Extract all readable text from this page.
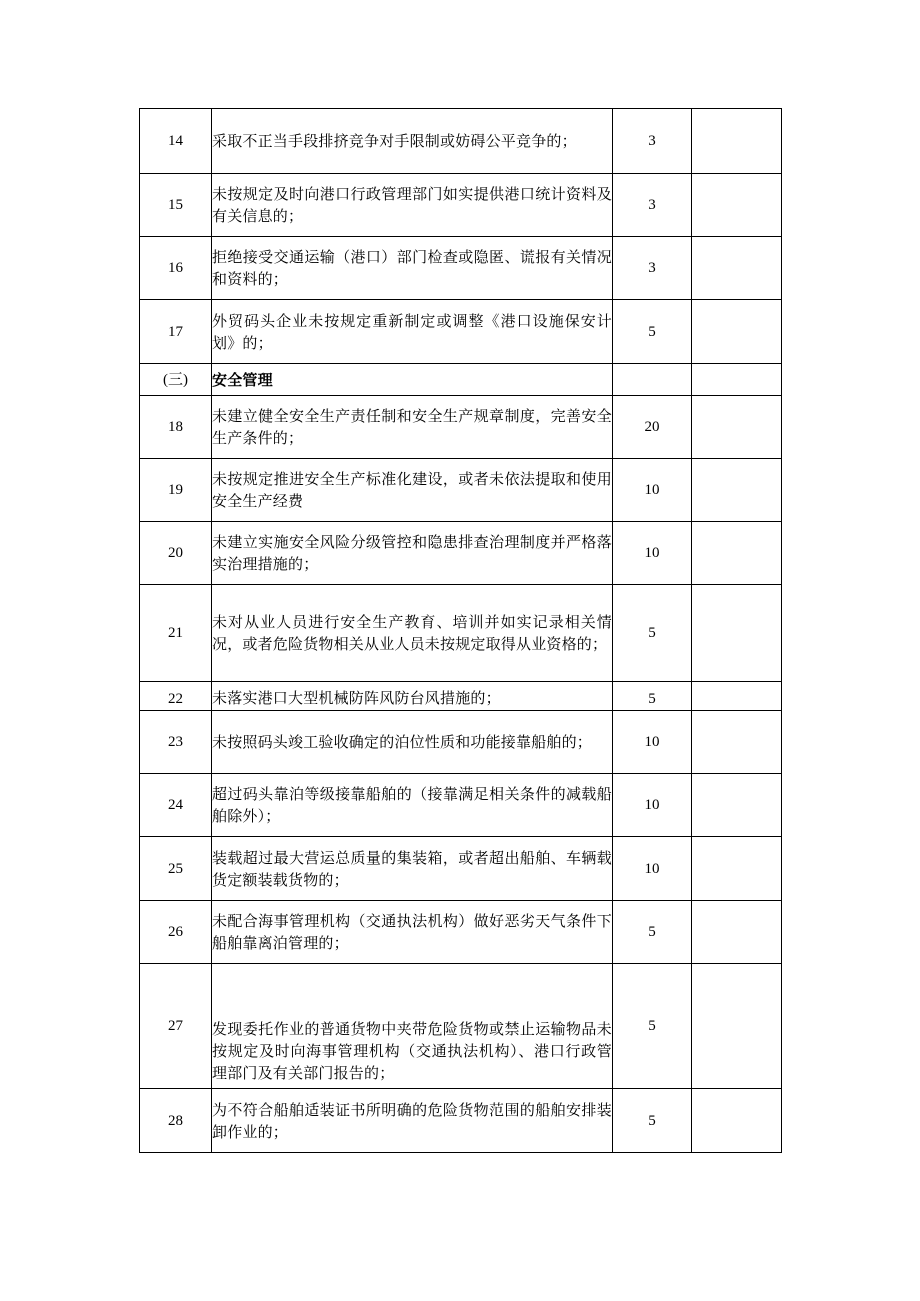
14	采取不正当手段排挤竞争对手限制或妨碍公平竞争的；	3	
15	未按规定及时向港口行政管理部门如实提供港口统计资料及有关信息的；	3	
16	拒绝接受交通运输（港口）部门检查或隐匿、谎报有关情况和资料的；	3	
17	外贸码头企业未按规定重新制定或调整《港口设施保安计划》的；	5	
(三)	安全管理		
18	未建立健全安全生产责任制和安全生产规章制度，完善安全生产条件的；	20	
19	未按规定推进安全生产标准化建设，或者未依法提取和使用安全生产经费	10	
20	未建立实施安全风险分级管控和隐患排查治理制度并严格落实治理措施的；	10	
21	未对从业人员进行安全生产教育、培训并如实记录相关情况，或者危险货物相关从业人员未按规定取得从业资格的；	5	
22	未落实港口大型机械防阵风防台风措施的；	5	
23	未按照码头竣工验收确定的泊位性质和功能接靠船舶的；	10	
24	超过码头靠泊等级接靠船舶的（接靠满足相关条件的减载船舶除外）；	10	
25	装载超过最大营运总质量的集装箱，或者超出船舶、车辆载货定额装载货物的；	10	
26	未配合海事管理机构（交通执法机构）做好恶劣天气条件下船舶靠离泊管理的；	5	
27	发现委托作业的普通货物中夹带危险货物或禁止运输物品未按规定及时向海事管理机构（交通执法机构）、港口行政管理部门及有关部门报告的；	5	
28	为不符合船舶适装证书所明确的危险货物范围的船舶安排装卸作业的；	5	
